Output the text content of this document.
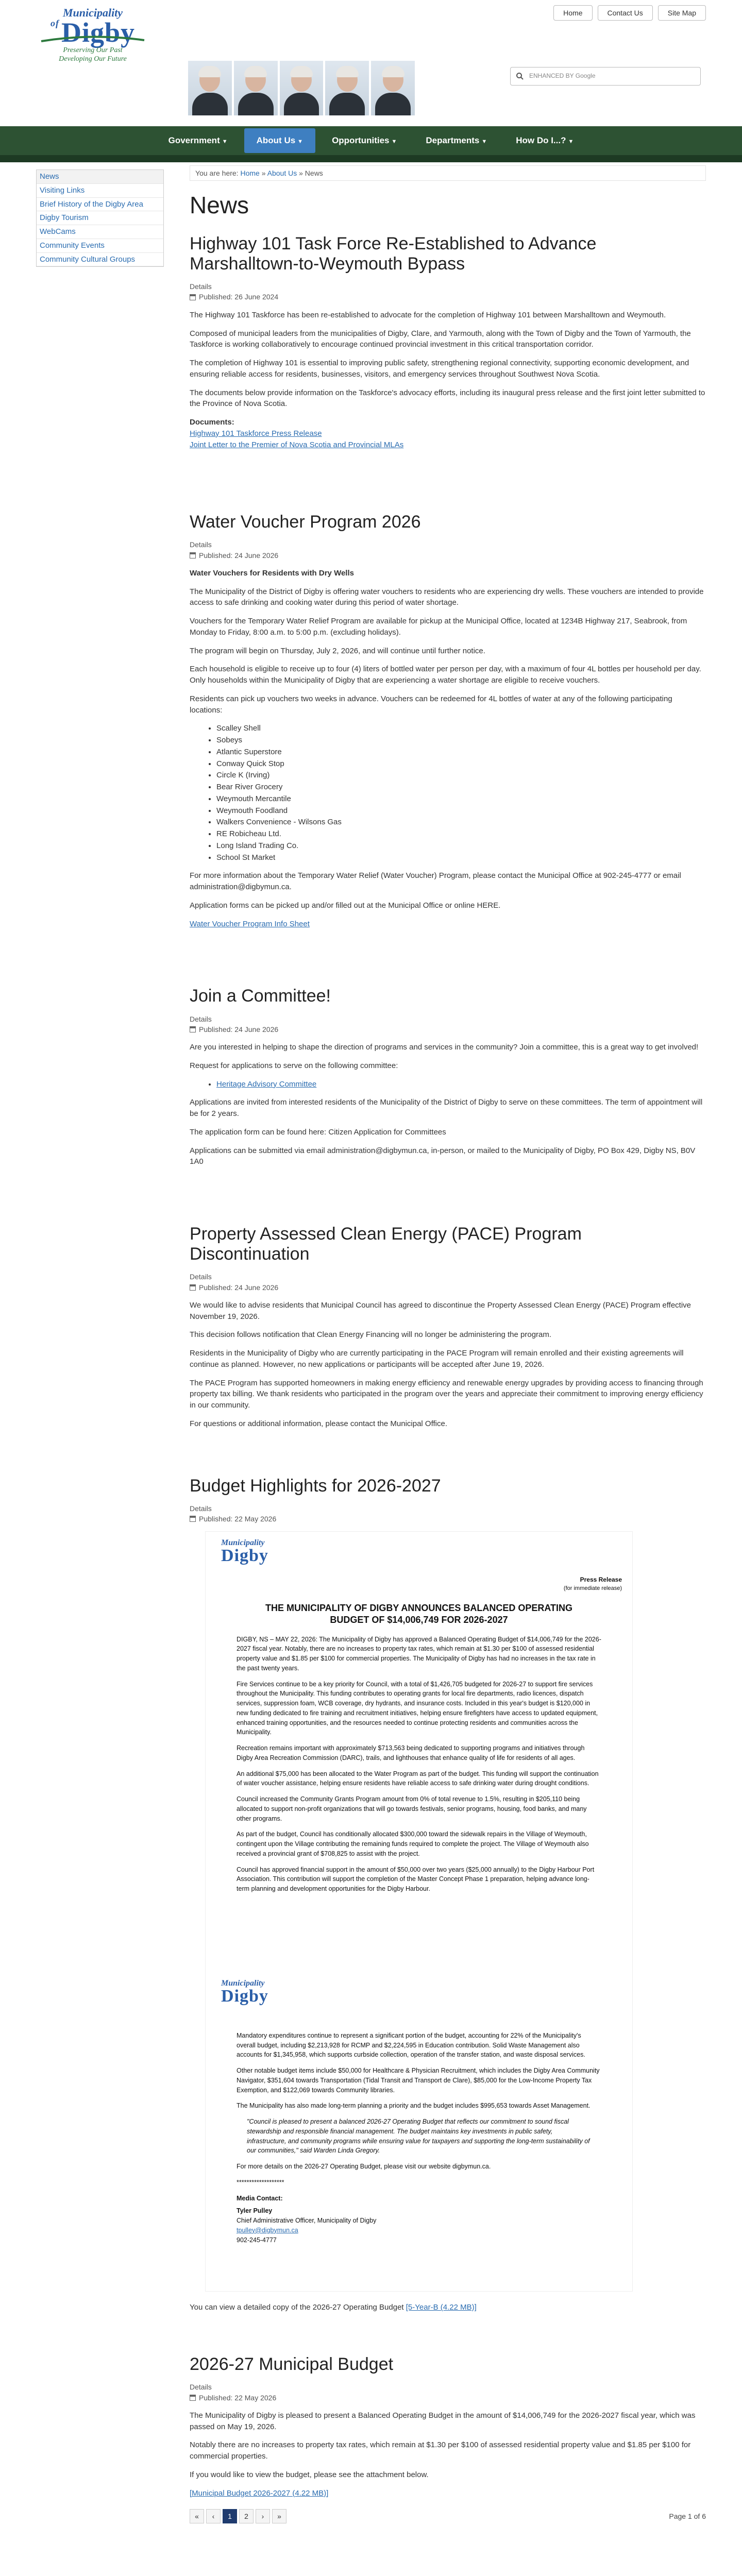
Municipality
$^{of}$Digby
Preserving Our Past
Developing Our Future
Home	Contact Us	Site Map
ENHANCED BY Google
Government ▼	About Us ▼	Opportunities ▼	Departments ▼	How Do I...? ▼
News
Visiting Links
Brief History of the Digby Area
Digby Tourism
WebCams
Community Events
Community Cultural Groups
You are here: Home » About Us » News
News
Highway 101 Task Force Re-Established to Advance Marshalltown-to-Weymouth Bypass
Details
Published: 26 June 2024

The Highway 101 Taskforce has been re-established to advocate for the completion of Highway 101 between Marshalltown and Weymouth.

Composed of municipal leaders from the municipalities of Digby, Clare, and Yarmouth, along with the Town of Digby and the Town of Yarmouth, the Taskforce is working collaboratively to encourage continued provincial investment in this critical transportation corridor.

The completion of Highway 101 is essential to improving public safety, strengthening regional connectivity, supporting economic development, and ensuring reliable access for residents, businesses, visitors, and emergency services throughout Southwest Nova Scotia.

The documents below provide information on the Taskforce's advocacy efforts, including its inaugural press release and the first joint letter submitted to the Province of Nova Scotia.

Documents:
Highway 101 Taskforce Press Release
Joint Letter to the Premier of Nova Scotia and Provincial MLAs
Water Voucher Program 2026
Details
Published: 24 June 2026

Water Vouchers for Residents with Dry Wells

The Municipality of the District of Digby is offering water vouchers to residents who are experiencing dry wells. These vouchers are intended to provide access to safe drinking and cooking water during this period of water shortage.

Vouchers for the Temporary Water Relief Program are available for pickup at the Municipal Office, located at 1234B Highway 217, Seabrook, from Monday to Friday, 8:00 a.m. to 5:00 p.m. (excluding holidays).

The program will begin on Thursday, July 2, 2026, and will continue until further notice.

Each household is eligible to receive up to four (4) liters of bottled water per person per day, with a maximum of four 4L bottles per household per day. Only households within the Municipality of Digby that are experiencing a water shortage are eligible to receive vouchers.

Residents can pick up vouchers two weeks in advance. Vouchers can be redeemed for 4L bottles of water at any of the following participating locations:

• Scalley Shell
• Sobeys
• Atlantic Superstore
• Conway Quick Stop
• Circle K (Irving)
• Bear River Grocery
• Weymouth Mercantile
• Weymouth Foodland
• Walkers Convenience - Wilsons Gas
• RE Robicheau Ltd.
• Long Island Trading Co.
• School St Market

For more information about the Temporary Water Relief (Water Voucher) Program, please contact the Municipal Office at 902-245-4777 or email administration@digbymun.ca.

Application forms can be picked up and/or filled out at the Municipal Office or online HERE.

Water Voucher Program Info Sheet
Join a Committee!
Details
Published: 24 June 2026

Are you interested in helping to shape the direction of programs and services in the community? Join a committee, this is a great way to get involved!

Request for applications to serve on the following committee:

• Heritage Advisory Committee

Applications are invited from interested residents of the Municipality of the District of Digby to serve on these committees. The term of appointment will be for 2 years.

The application form can be found here: Citizen Application for Committees

Applications can be submitted via email administration@digbymun.ca, in-person, or mailed to the Municipality of Digby, PO Box 429, Digby NS, B0V 1A0

Property Assessed Clean Energy (PACE) Program Discontinuation
Details
Published: 24 June 2026

We would like to advise residents that Municipal Council has agreed to discontinue the Property Assessed Clean Energy (PACE) Program effective November 19, 2026.

This decision follows notification that Clean Energy Financing will no longer be administering the program.

Residents in the Municipality of Digby who are currently participating in the PACE Program will remain enrolled and their existing agreements will continue as planned. However, no new applications or participants will be accepted after June 19, 2026.

The PACE Program has supported homeowners in making energy efficiency and renewable energy upgrades by providing access to financing through property tax billing. We thank residents who participated in the program over the years and appreciate their commitment to improving energy efficiency in our community.

For questions or additional information, please contact the Municipal Office.

Budget Highlights for 2026-2027
Details
Published: 22 May 2026
Municipality
Digby
Press Release
(for immediate release)
THE MUNICIPALITY OF DIGBY ANNOUNCES BALANCED OPERATING BUDGET OF $14,006,749 FOR 2026-2027

DIGBY, NS – MAY 22, 2026: The Municipality of Digby has approved a Balanced Operating Budget of $14,006,749 for the 2026-2027 fiscal year. Notably, there are no increases to property tax rates, which remain at $1.30 per $100 of assessed residential property value and $1.85 per $100 for commercial properties. The Municipality of Digby has had no increases in the tax rate in the past twenty years.

Fire Services continue to be a key priority for Council, with a total of $1,426,705 budgeted for 2026-27 to support fire services throughout the Municipality. This funding contributes to operating grants for local fire departments, radio licences, dispatch services, suppression foam, WCB coverage, dry hydrants, and insurance costs. Included in this year's budget is $120,000 in new funding dedicated to fire training and recruitment initiatives, helping ensure firefighters have access to updated equipment, enhanced training opportunities, and the resources needed to continue protecting residents and communities across the Municipality.

Recreation remains important with approximately $713,563 being dedicated to supporting programs and initiatives through Digby Area Recreation Commission (DARC), trails, and lighthouses that enhance quality of life for residents of all ages.

An additional $75,000 has been allocated to the Water Program as part of the budget. This funding will support the continuation of water voucher assistance, helping ensure residents have reliable access to safe drinking water during drought conditions.

Council increased the Community Grants Program amount from 0% of total revenue to 1.5%, resulting in $205,110 being allocated to support non-profit organizations that will go towards festivals, senior programs, housing, food banks, and many other programs.

As part of the budget, Council has conditionally allocated $300,000 toward the sidewalk repairs in the Village of Weymouth, contingent upon the Village contributing the remaining funds required to complete the project. The Village of Weymouth also received a provincial grant of $708,825 to assist with the project.

Council has approved financial support in the amount of $50,000 over two years ($25,000 annually) to the Digby Harbour Port Association. This contribution will support the completion of the Master Concept Phase 1 preparation, helping advance long-term planning and development opportunities for the Digby Harbour.

Municipality
Digby

Mandatory expenditures continue to represent a significant portion of the budget, accounting for 22% of the Municipality's overall budget, including $2,213,928 for RCMP and $2,224,595 in Education contribution. Solid Waste Management also accounts for $1,345,958, which supports curbside collection, operation of the transfer station, and waste disposal services.

Other notable budget items include $50,000 for Healthcare & Physician Recruitment, which includes the Digby Area Community Navigator, $351,604 towards Transportation (Tidal Transit and Transport de Clare), $85,000 for the Low-Income Property Tax Exemption, and $122,069 towards Community libraries.

The Municipality has also made long-term planning a priority and the budget includes $995,653 towards Asset Management.

"Council is pleased to present a balanced 2026-27 Operating Budget that reflects our commitment to sound fiscal stewardship and responsible financial management. The budget maintains key investments in public safety, infrastructure, and community programs while ensuring value for taxpayers and supporting the long-term sustainability of our communities," said Warden Linda Gregory.

For more details on the 2026-27 Operating Budget, please visit our website digbymun.ca.

*******************

Media Contact:

Tyler Pulley

Chief Administrative Officer, Municipality of Digby

tpulley@digbymun.ca

902-245-4777

You can view a detailed copy of the 2026-27 Operating Budget [5-Year-B (4.22 MB)]

2026-27 Municipal Budget
Details
Published: 22 May 2026

The Municipality of Digby is pleased to present a Balanced Operating Budget in the amount of $14,006,749 for the 2026-2027 fiscal year, which was passed on May 19, 2026.

Notably there are no increases to property tax rates, which remain at $1.30 per $100 of assessed residential property value and $1.85 per $100 for commercial properties.

If you would like to view the budget, please see the attachment below.

[Municipal Budget 2026-2027 (4.22 MB)]
«	‹	1	2	›	»	Page 1 of 6
